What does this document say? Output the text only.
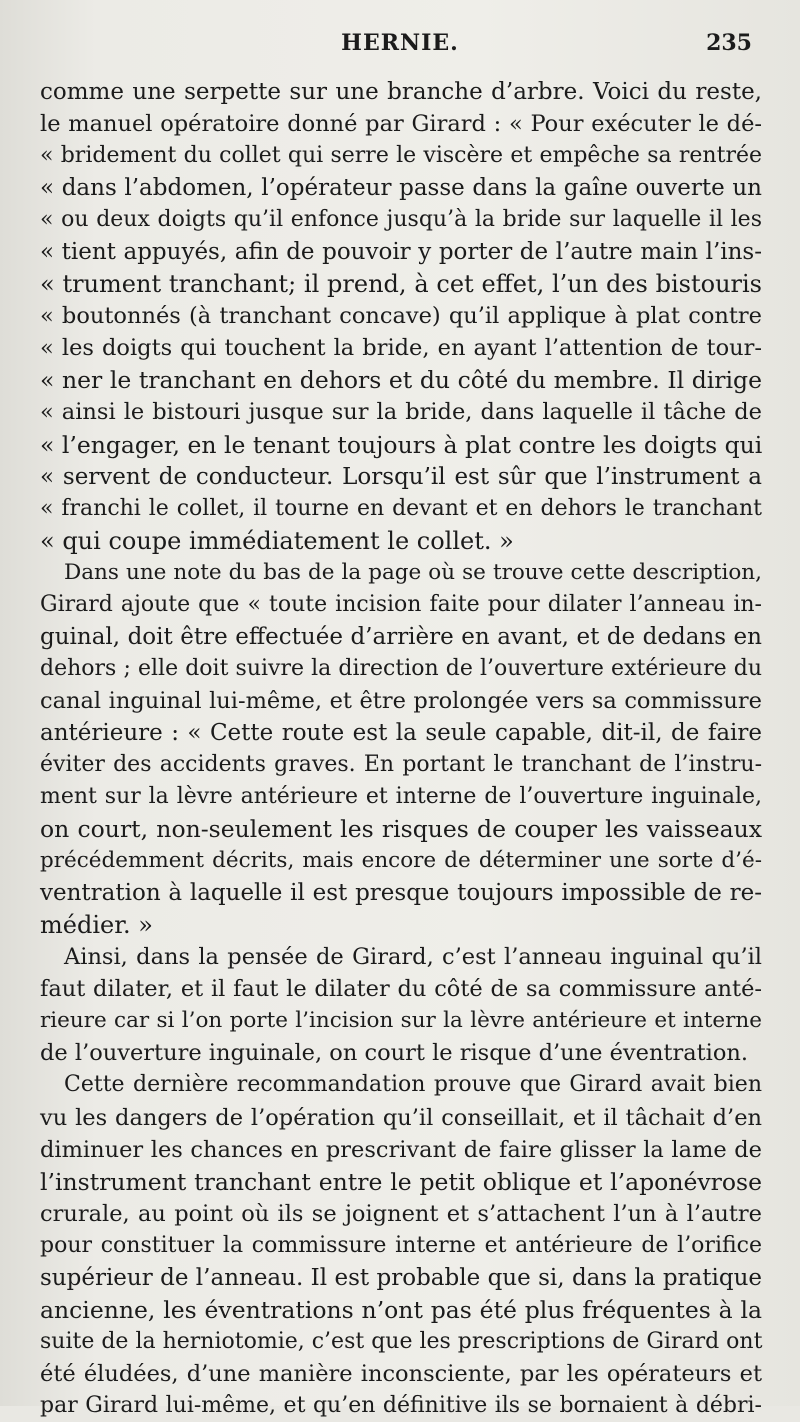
HERNIE.	235
comme une serpette sur une branche d’arbre. Voici du reste,
le manuel opératoire donné par Girard : « Pour exécuter le dé-
« bridement du collet qui serre le viscère et empêche sa rentrée
« dans l’abdomen, l’opérateur passe dans la gaîne ouverte un
« ou deux doigts qu’il enfonce jusqu’à la bride sur laquelle il les
« tient appuyés, afin de pouvoir y porter de l’autre main l’ins-
« trument tranchant; il prend, à cet effet, l’un des bistouris
« boutonnés (à tranchant concave) qu’il applique à plat contre
« les doigts qui touchent la bride, en ayant l’attention de tour-
« ner le tranchant en dehors et du côté du membre. Il dirige
« ainsi le bistouri jusque sur la bride, dans laquelle il tâche de
« l’engager, en le tenant toujours à plat contre les doigts qui
« servent de conducteur. Lorsqu’il est sûr que l’instrument a
« franchi le collet, il tourne en devant et en dehors le tranchant
« qui coupe immédiatement le collet. »
Dans une note du bas de la page où se trouve cette description,
Girard ajoute que « toute incision faite pour dilater l’anneau in-
guinal, doit être effectuée d’arrière en avant, et de dedans en
dehors ; elle doit suivre la direction de l’ouverture extérieure du
canal inguinal lui-même, et être prolongée vers sa commissure
antérieure : « Cette route est la seule capable, dit-il, de faire
éviter des accidents graves. En portant le tranchant de l’instru-
ment sur la lèvre antérieure et interne de l’ouverture inguinale,
on court, non-seulement les risques de couper les vaisseaux
précédemment décrits, mais encore de déterminer une sorte d’é-
ventration à laquelle il est presque toujours impossible de re-
médier. »
Ainsi, dans la pensée de Girard, c’est l’anneau inguinal qu’il
faut dilater, et il faut le dilater du côté de sa commissure anté-
rieure car si l’on porte l’incision sur la lèvre antérieure et interne
de l’ouverture inguinale, on court le risque d’une éventration.
Cette dernière recommandation prouve que Girard avait bien
vu les dangers de l’opération qu’il conseillait, et il tâchait d’en
diminuer les chances en prescrivant de faire glisser la lame de
l’instrument tranchant entre le petit oblique et l’aponévrose
crurale, au point où ils se joignent et s’attachent l’un à l’autre
pour constituer la commissure interne et antérieure de l’orifice
supérieur de l’anneau. Il est probable que si, dans la pratique
ancienne, les éventrations n’ont pas été plus fréquentes à la
suite de la herniotomie, c’est que les prescriptions de Girard ont
été éludées, d’une manière inconsciente, par les opérateurs et
par Girard lui-même, et qu’en définitive ils se bornaient à débri-
